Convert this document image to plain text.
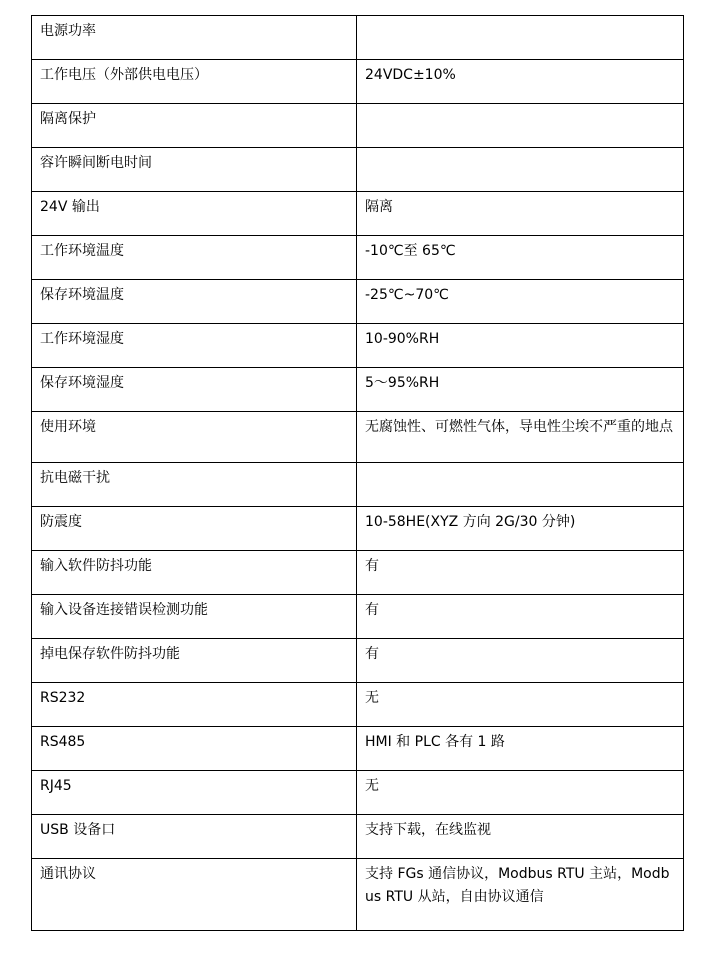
电源功率	
工作电压（外部供电电压）	24VDC±10%
隔离保护	
容许瞬间断电时间	
24V 输出	隔离
工作环境温度	-10℃至 65℃
保存环境温度	-25℃~70℃
工作环境湿度	10-90%RH
保存环境湿度	5～95%RH
使用环境	无腐蚀性、可燃性气体，导电性尘埃不严重的地点
抗电磁干扰	
防震度	10-58HE(XYZ 方向 2G/30 分钟)
输入软件防抖功能	有
输入设备连接错误检测功能	有
掉电保存软件防抖功能	有
RS232	无
RS485	HMI 和 PLC 各有 1 路
RJ45	无
USB 设备口	支持下载，在线监视
通讯协议	支持 FGs 通信协议，Modbus RTU 主站，Modbus RTU 从站，自由协议通信
